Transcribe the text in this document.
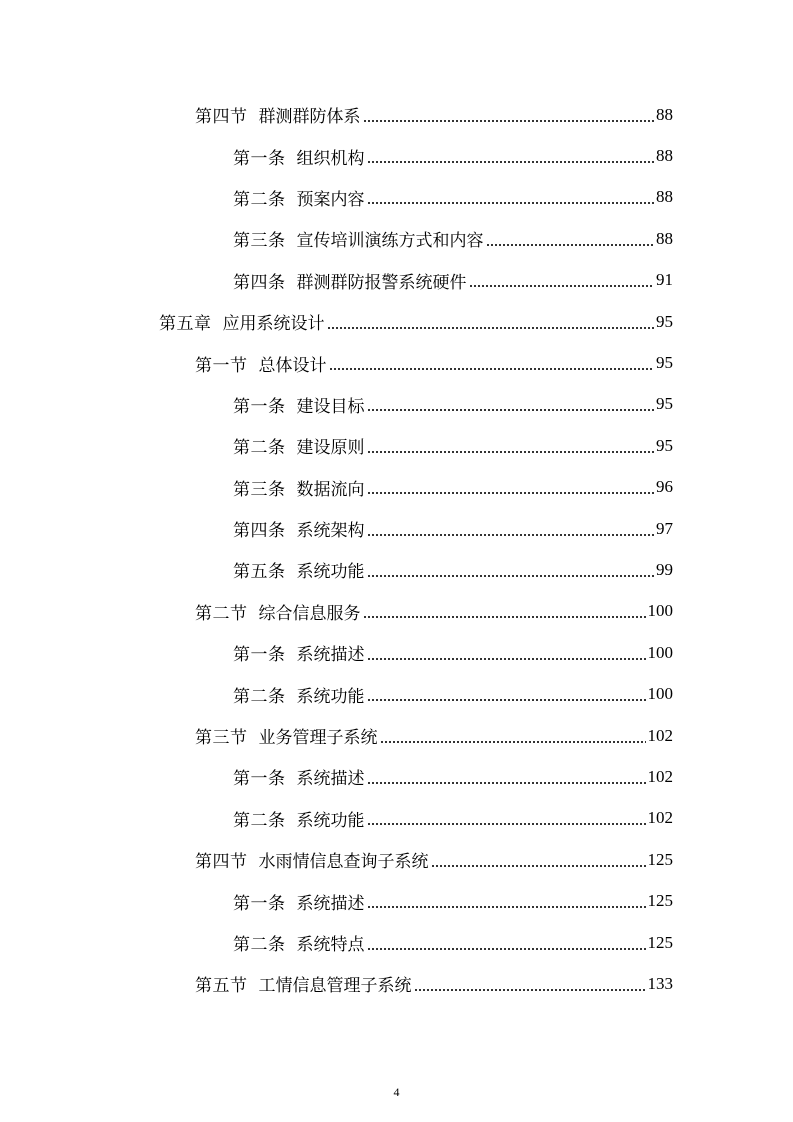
第四节 群测群防体系	88
第一条 组织机构	88
第二条 预案内容	88
第三条 宣传培训演练方式和内容	88
第四条 群测群防报警系统硬件	91
第五章 应用系统设计	95
第一节 总体设计	95
第一条 建设目标	95
第二条 建设原则	95
第三条 数据流向	96
第四条 系统架构	97
第五条 系统功能	99
第二节 综合信息服务	100
第一条 系统描述	100
第二条 系统功能	100
第三节 业务管理子系统	102
第一条 系统描述	102
第二条 系统功能	102
第四节 水雨情信息查询子系统	125
第一条 系统描述	125
第二条 系统特点	125
第五节 工情信息管理子系统	133
4
